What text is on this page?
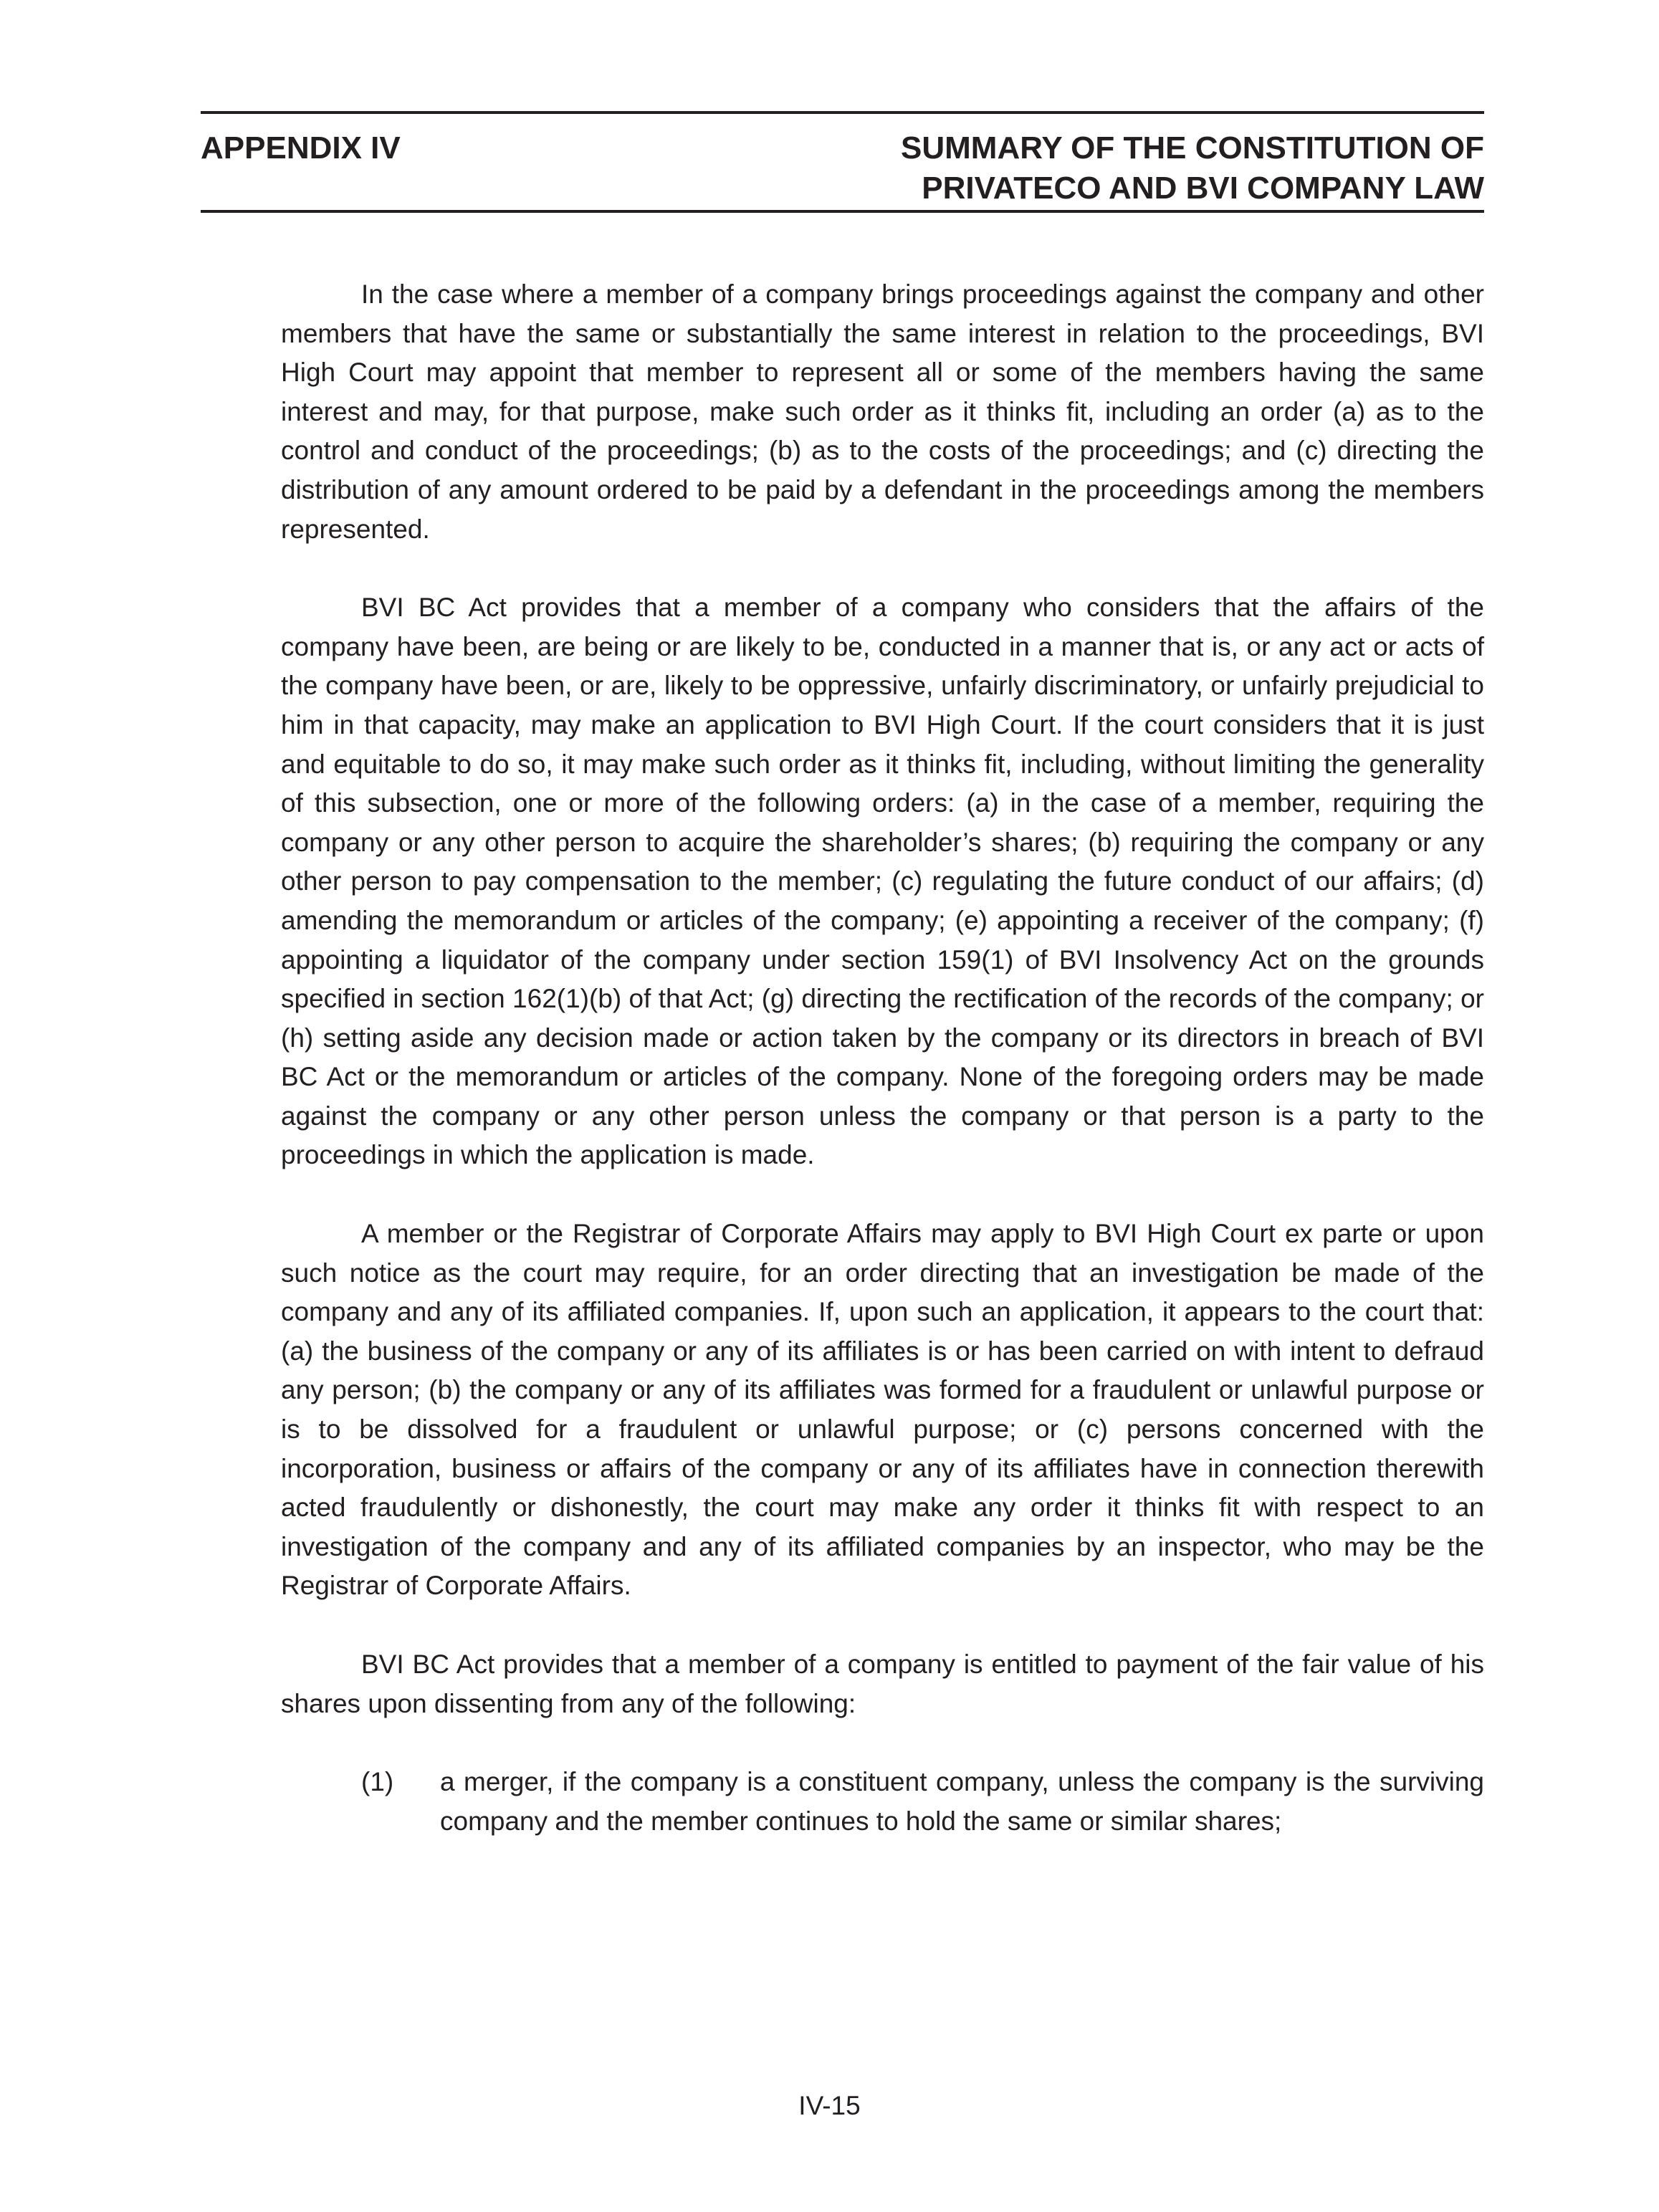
APPENDIX IV	SUMMARY OF THE CONSTITUTION OF
PRIVATECO AND BVI COMPANY LAW

In the case where a member of a company brings proceedings against the company and other members that have the same or substantially the same interest in relation to the proceedings, BVI High Court may appoint that member to represent all or some of the members having the same interest and may, for that purpose, make such order as it thinks fit, including an order (a) as to the control and conduct of the proceedings; (b) as to the costs of the proceedings; and (c) directing the distribution of any amount ordered to be paid by a defendant in the proceedings among the members represented.

BVI BC Act provides that a member of a company who considers that the affairs of the company have been, are being or are likely to be, conducted in a manner that is, or any act or acts of the company have been, or are, likely to be oppressive, unfairly discriminatory, or unfairly prejudicial to him in that capacity, may make an application to BVI High Court. If the court considers that it is just and equitable to do so, it may make such order as it thinks fit, including, without limiting the generality of this subsection, one or more of the following orders: (a) in the case of a member, requiring the company or any other person to acquire the shareholder’s shares; (b) requiring the company or any other person to pay compensation to the member; (c) regulating the future conduct of our affairs; (d) amending the memorandum or articles of the company; (e) appointing a receiver of the company; (f) appointing a liquidator of the company under section 159(1) of BVI Insolvency Act on the grounds specified in section 162(1)(b) of that Act; (g) directing the rectification of the records of the company; or (h) setting aside any decision made or action taken by the company or its directors in breach of BVI BC Act or the memorandum or articles of the company. None of the foregoing orders may be made against the company or any other person unless the company or that person is a party to the proceedings in which the application is made.

A member or the Registrar of Corporate Affairs may apply to BVI High Court ex parte or upon such notice as the court may require, for an order directing that an investigation be made of the company and any of its affiliated companies. If, upon such an application, it appears to the court that: (a) the business of the company or any of its affiliates is or has been carried on with intent to defraud any person; (b) the company or any of its affiliates was formed for a fraudulent or unlawful purpose or is to be dissolved for a fraudulent or unlawful purpose; or (c) persons concerned with the incorporation, business or affairs of the company or any of its affiliates have in connection therewith acted fraudulently or dishonestly, the court may make any order it thinks fit with respect to an investigation of the company and any of its affiliated companies by an inspector, who may be the Registrar of Corporate Affairs.

BVI BC Act provides that a member of a company is entitled to payment of the fair value of his shares upon dissenting from any of the following:

(1) a merger, if the company is a constituent company, unless the company is the surviving company and the member continues to hold the same or similar shares;
IV-15
